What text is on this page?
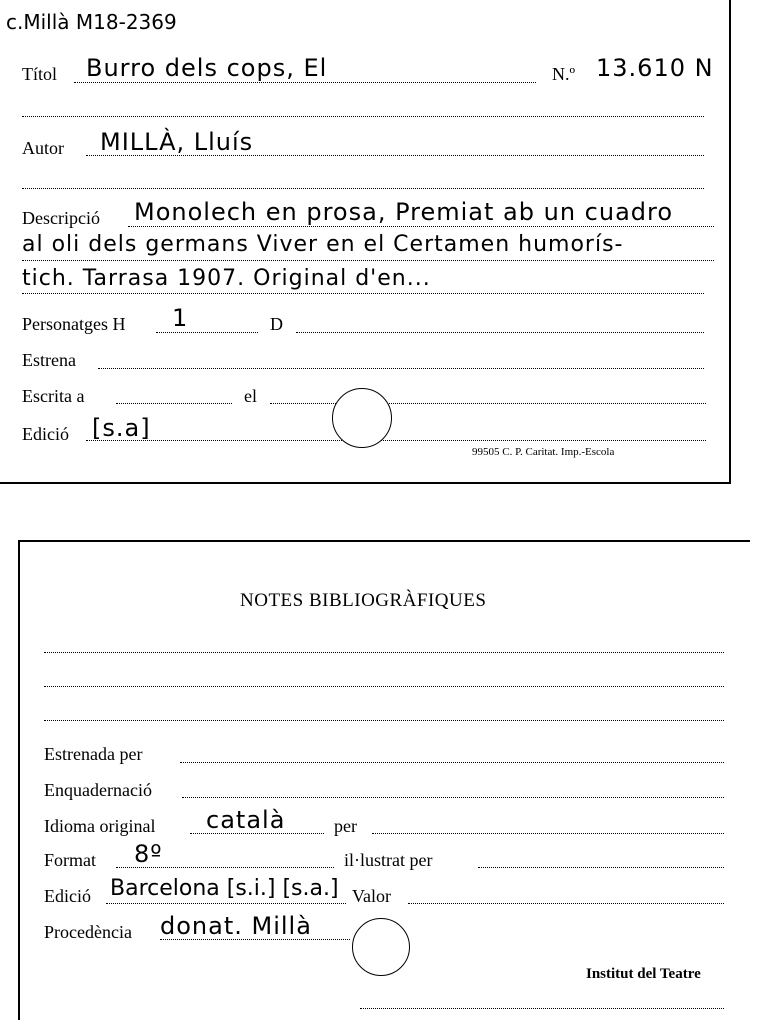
c.Millà M18-2369
Títol Burro dels cops, El	N.º 13.610 N
Autor MILLÀ, Lluís
Descripció Monolech en prosa, Premiat ab un cuadro
al oli dels germans Viver en el Certamen humorís-
tich. Tarrasa 1907. Original d'en...
Personatges H 1	D
Estrena
Escrita a	el
Edició [s.a]
99505 C. P. Caritat. Imp.-Escola
NOTES BIBLIOGRÀFIQUES
Estrenada per
Enquadernació
Idioma original català	per
Format 8º	il·lustrat per
Edició Barcelona [s.i.] [s.a.] Valor
Procedència donat. Millà
Institut del Teatre
